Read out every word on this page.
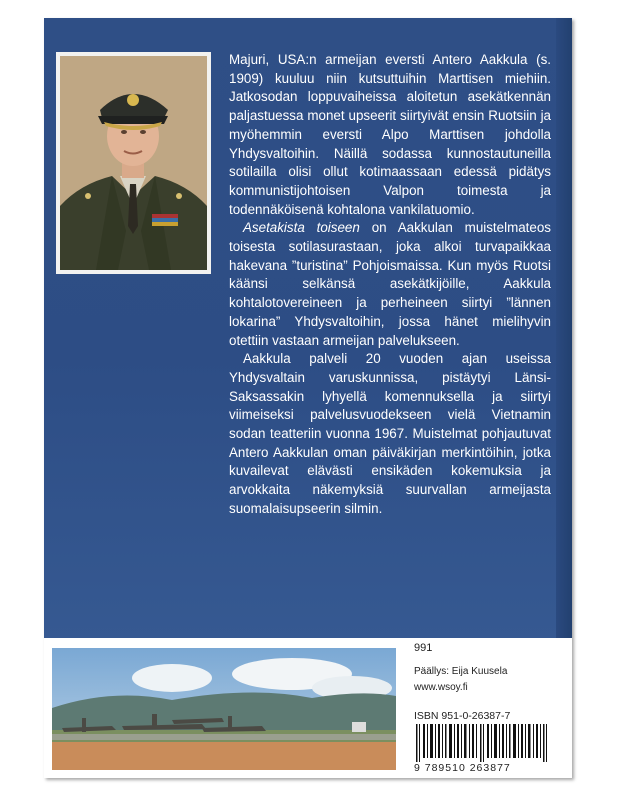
Majuri, USA:n armeijan eversti Antero Aakkula (s. 1909) kuuluu niin kutsuttuihin Marttisen miehiin. Jatkosodan loppuvaiheissa aloitetun asekätkennän paljastuessa monet upseerit siirtyivät ensin Ruotsiin ja myöhemmin eversti Alpo Marttisen johdolla Yhdysvaltoihin. Näillä sodassa kunnostautuneilla sotilailla olisi ollut kotimaassaan edessä pidätys kommunistijohtoisen Valpon toimesta ja todennäköisenä kohtalona vankilatuomio.

Asetakista toiseen on Aakkulan muistelmateos toisesta sotilasurastaan, joka alkoi turvapaikkaa hakevana ”turistina” Pohjoismaissa. Kun myös Ruotsi käänsi selkänsä asekätkijöille, Aakkula kohtalotovereineen ja perheineen siirtyi ”lännen lokarina” Yhdysvaltoihin, jossa hänet mielihyvin otettiin vastaan armeijan palvelukseen.

Aakkula palveli 20 vuoden ajan useissa Yhdysvaltain varuskunnissa, pistäytyi Länsi-Saksassakin lyhyellä komennuksella ja siirtyi viimeiseksi palvelusvuodekseen vielä Vietnamin sodan teatteriin vuonna 1967. Muistelmat pohjautuvat Antero Aakkulan oman päiväkirjan merkintöihin, jotka kuvailevat elävästi ensikäden kokemuksia ja arvokkaita näkemyksiä suurvallan armeijasta suomalaisupseerin silmin.

991
Päällys: Eija Kuusela
www.wsoy.fi
ISBN 951-0-26387-7
9 789510 263877
